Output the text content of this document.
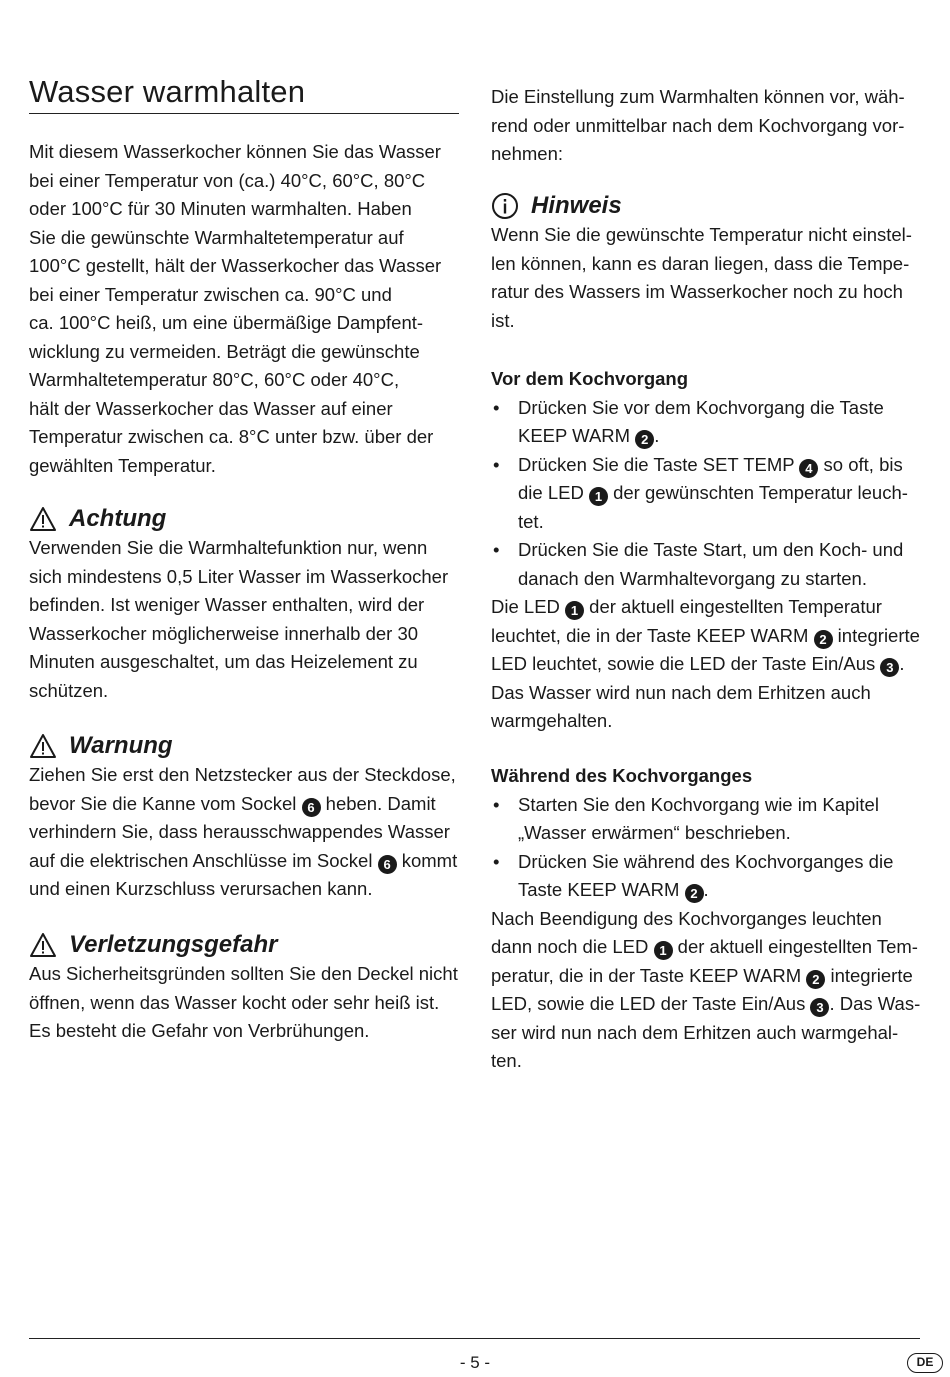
Wasser warmhalten

Mit diesem Wasserkocher können Sie das Wasser

bei einer Temperatur von (ca.) 40°C, 60°C, 80°C

oder 100°C für 30 Minuten warmhalten. Haben

Sie die gewünschte Warmhaltetemperatur auf

100°C gestellt, hält der Wasserkocher das Wasser

bei einer Temperatur zwischen ca. 90°C und

ca. 100°C heiß, um eine übermäßige Dampfent-

wicklung zu vermeiden. Beträgt die gewünschte

Warmhaltetemperatur 80°C, 60°C oder 40°C,

hält der Wasserkocher das Wasser auf einer

Temperatur zwischen ca. 8°C unter bzw. über der

gewählten Temperatur.

Achtung

Verwenden Sie die Warmhaltefunktion nur, wenn

sich mindestens 0,5 Liter Wasser im Wasserkocher

befinden. Ist weniger Wasser enthalten, wird der

Wasserkocher möglicherweise innerhalb der 30

Minuten ausgeschaltet, um das Heizelement zu

schützen.

Warnung

Ziehen Sie erst den Netzstecker aus der Steckdose,

bevor Sie die Kanne vom Sockel 6 heben. Damit

verhindern Sie, dass herausschwappendes Wasser

auf die elektrischen Anschlüsse im Sockel 6 kommt

und einen Kurzschluss verursachen kann.

Verletzungsgefahr

Aus Sicherheitsgründen sollten Sie den Deckel nicht

öffnen, wenn das Wasser kocht oder sehr heiß ist.

Es besteht die Gefahr von Verbrühungen.

Die Einstellung zum Warmhalten können vor, wäh-

rend oder unmittelbar nach dem Kochvorgang vor-

nehmen:

Hinweis

Wenn Sie die gewünschte Temperatur nicht einstel-

len können, kann es daran liegen, dass die Tempe-

ratur des Wassers im Wasserkocher noch zu hoch

ist.

Vor dem Kochvorgang
• Drücken Sie vor dem Kochvorgang die Taste
KEEP WARM 2 .
• Drücken Sie die Taste SET TEMP 4 so oft, bis
die LED 1 der gewünschten Temperatur leuch-
tet.
• Drücken Sie die Taste Start, um den Koch- und
danach den Warmhaltevorgang zu starten.

Die LED 1 der aktuell eingestellten Temperatur

leuchtet, die in der Taste KEEP WARM 2 integrierte

LED leuchtet, sowie die LED der Taste Ein/Aus 3 .

Das Wasser wird nun nach dem Erhitzen auch

warmgehalten.

Während des Kochvorganges
• Starten Sie den Kochvorgang wie im Kapitel
„Wasser erwärmen“ beschrieben.
• Drücken Sie während des Kochvorganges die
Taste KEEP WARM 2 .

Nach Beendigung des Kochvorganges leuchten

dann noch die LED 1 der aktuell eingestellten Tem-

peratur, die in der Taste KEEP WARM 2 integrierte

LED, sowie die LED der Taste Ein/Aus 3 . Das Was-

ser wird nun nach dem Erhitzen auch warmgehal-

ten.

- 5 -	DE
